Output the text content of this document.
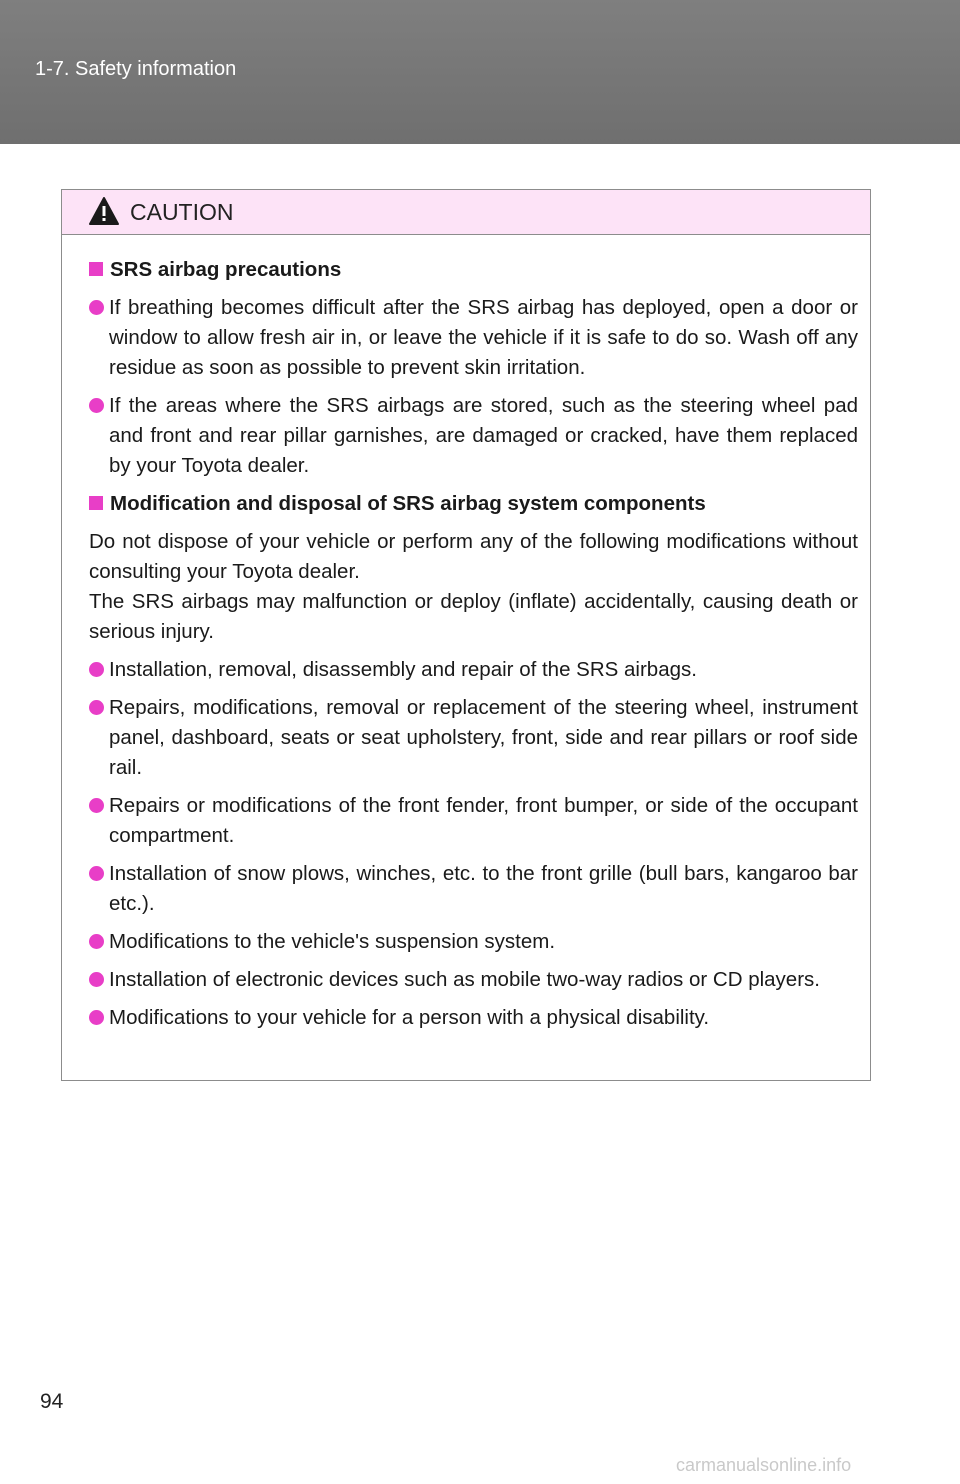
1-7. Safety information
CAUTION
SRS airbag precautions
If breathing becomes difficult after the SRS airbag has deployed, open a door or window to allow fresh air in, or leave the vehicle if it is safe to do so. Wash off any residue as soon as possible to prevent skin irritation.
If the areas where the SRS airbags are stored, such as the steering wheel pad and front and rear pillar garnishes, are damaged or cracked, have them replaced by your Toyota dealer.
Modification and disposal of SRS airbag system components
Do not dispose of your vehicle or perform any of the following modifications without consulting your Toyota dealer.
The SRS airbags may malfunction or deploy (inflate) accidentally, causing death or serious injury.
Installation, removal, disassembly and repair of the SRS airbags.
Repairs, modifications, removal or replacement of the steering wheel, instrument panel, dashboard, seats or seat upholstery, front, side and rear pillars or roof side rail.
Repairs or modifications of the front fender, front bumper, or side of the occupant compartment.
Installation of snow plows, winches, etc. to the front grille (bull bars, kangaroo bar etc.).
Modifications to the vehicle's suspension system.
Installation of electronic devices such as mobile two-way radios or CD players.
Modifications to your vehicle for a person with a physical disability.
94
carmanualsonline.info
